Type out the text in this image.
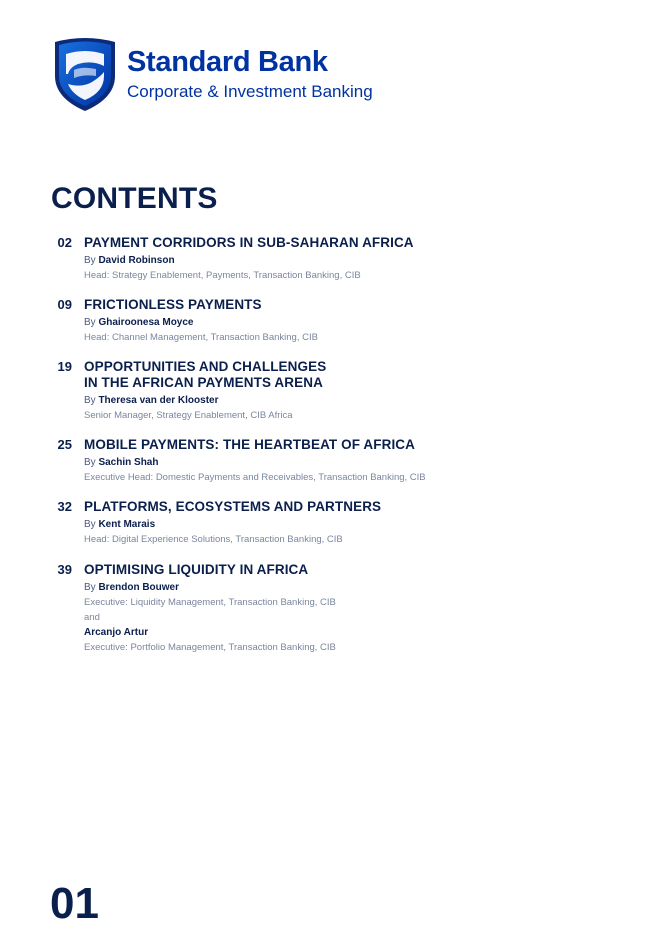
Standard Bank
Corporate & Investment Banking
CONTENTS
02 PAYMENT CORRIDORS IN SUB-SAHARAN AFRICA
By David Robinson
Head: Strategy Enablement, Payments, Transaction Banking, CIB
09 FRICTIONLESS PAYMENTS
By Ghairoonesa Moyce
Head: Channel Management, Transaction Banking, CIB
19 OPPORTUNITIES AND CHALLENGES
IN THE AFRICAN PAYMENTS ARENA
By Theresa van der Klooster
Senior Manager, Strategy Enablement, CIB Africa
25 MOBILE PAYMENTS: THE HEARTBEAT OF AFRICA
By Sachin Shah
Executive Head: Domestic Payments and Receivables, Transaction Banking, CIB
32 PLATFORMS, ECOSYSTEMS AND PARTNERS
By Kent Marais
Head: Digital Experience Solutions, Transaction Banking, CIB
39 OPTIMISING LIQUIDITY IN AFRICA
By Brendon Bouwer
Executive: Liquidity Management, Transaction Banking, CIB
and
Arcanjo Artur
Executive: Portfolio Management, Transaction Banking, CIB
01
